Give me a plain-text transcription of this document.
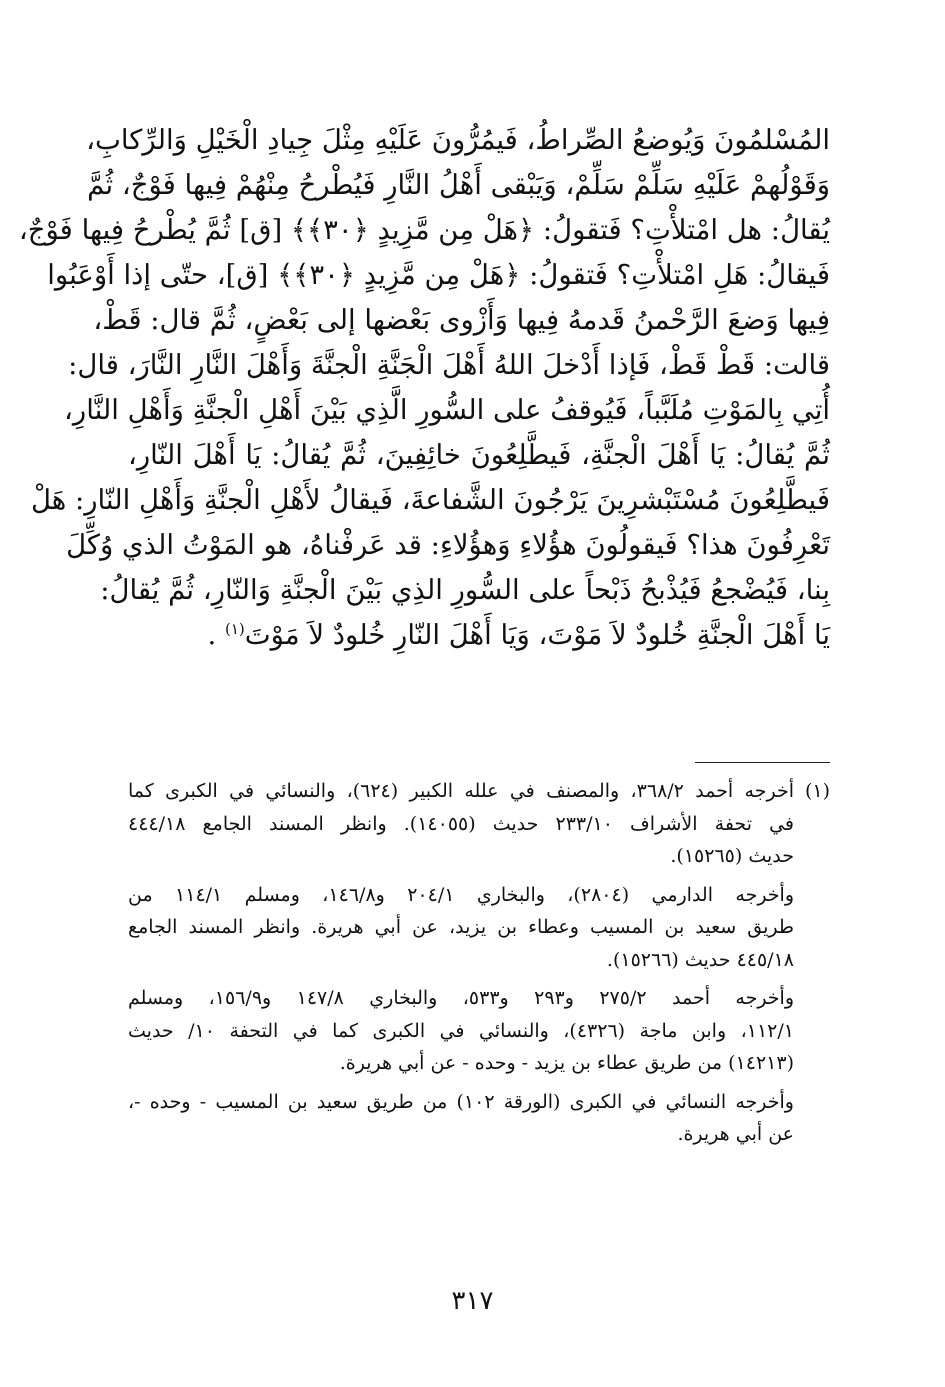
المُسْلمُونَ وَيُوضعُ الصِّراطُ، فَيمُرُّونَ عَلَيْهِ مِثْلَ جِيادِ الْخَيْلِ وَالرِّكابِ،
وَقَوْلُهمْ عَلَيْهِ سَلِّمْ سَلِّمْ، وَيَبْقى أَهْلُ النَّارِ فَيُطْرحُ مِنْهُمْ فِيها فَوْجٌ، ثُمَّ
يُقالُ: هل امْتلأْتِ؟ فَتقولُ: ﴿هَلْ مِن مَّزِيدٍ ﴿٣٠﴾﴾ [ق] ثُمَّ يُطْرحُ فِيها فَوْجٌ،
فَيقالُ: هَلِ امْتلأْتِ؟ فَتقولُ: ﴿هَلْ مِن مَّزِيدٍ ﴿٣٠﴾﴾ [ق]، حتّى إذا أَوْعَبُوا
فِيها وَضعَ الرَّحْمنُ قَدمهُ فِيها وَأَزْوى بَعْضها إلى بَعْضٍ، ثُمَّ قال: قَطْ،
قالت: قَطْ قَطْ، فَإذا أَدْخلَ اللهُ أَهْلَ الْجَنَّةِ الْجنَّةَ وَأَهْلَ النَّارِ النَّارَ، قال:
أُتِي بِالمَوْتِ مُلَبَّباً، فَيُوقفُ على السُّورِ الَّذِي بَيْنَ أَهْلِ الْجنَّةِ وَأَهْلِ النَّارِ،
ثُمَّ يُقالُ: يَا أَهْلَ الْجنَّةِ، فَيطَّلِعُونَ خائِفِينَ، ثُمَّ يُقالُ: يَا أَهْلَ النّارِ،
فَيطَّلِعُونَ مُسْتَبْشرِينَ يَرْجُونَ الشَّفاعةَ، فَيقالُ لأَهْلِ الْجنَّةِ وَأَهْلِ النّارِ: هَلْ
تَعْرِفُونَ هذا؟ فَيقولُونَ هؤُلاءِ وَهؤُلاءِ: قد عَرفْناهُ، هو المَوْتُ الذي وُكِّلَ
بِنا، فَيُضْجعُ فَيُذْبحُ ذَبْحاً على السُّورِ الذِي بَيْنَ الْجنَّةِ وَالنّارِ، ثُمَّ يُقالُ:
يَا أَهْلَ الْجنَّةِ خُلودٌ لاَ مَوْتَ، وَيَا أَهْلَ النّارِ خُلودٌ لاَ مَوْتَ$^{(١)}$ .
(١)أخرجه أحمد ٣٦٨/٢، والمصنف في علله الكبير (٦٢٤)، والنسائي في الكبرى كما
في تحفة الأشراف ٢٣٣/١٠ حديث (١٤٠٥٥). وانظر المسند الجامع ٤٤٤/١٨
حديث (١٥٢٦٥).
وأخرجه الدارمي (٢٨٠٤)، والبخاري ٢٠٤/١ و١٤٦/٨، ومسلم ١١٤/١ من
طريق سعيد بن المسيب وعطاء بن يزيد، عن أبي هريرة. وانظر المسند الجامع
٤٤٥/١٨ حديث (١٥٢٦٦).
وأخرجه أحمد ٢٧٥/٢ و٢٩٣ و٥٣٣، والبخاري ١٤٧/٨ و١٥٦/٩، ومسلم
١١٢/١، وابن ماجة (٤٣٢٦)، والنسائي في الكبرى كما في التحفة ١٠/ حديث
(١٤٢١٣) من طريق عطاء بن يزيد - وحده - عن أبي هريرة.
وأخرجه النسائي في الكبرى (الورقة ١٠٢) من طريق سعيد بن المسيب - وحده -،
عن أبي هريرة.
٣١٧
